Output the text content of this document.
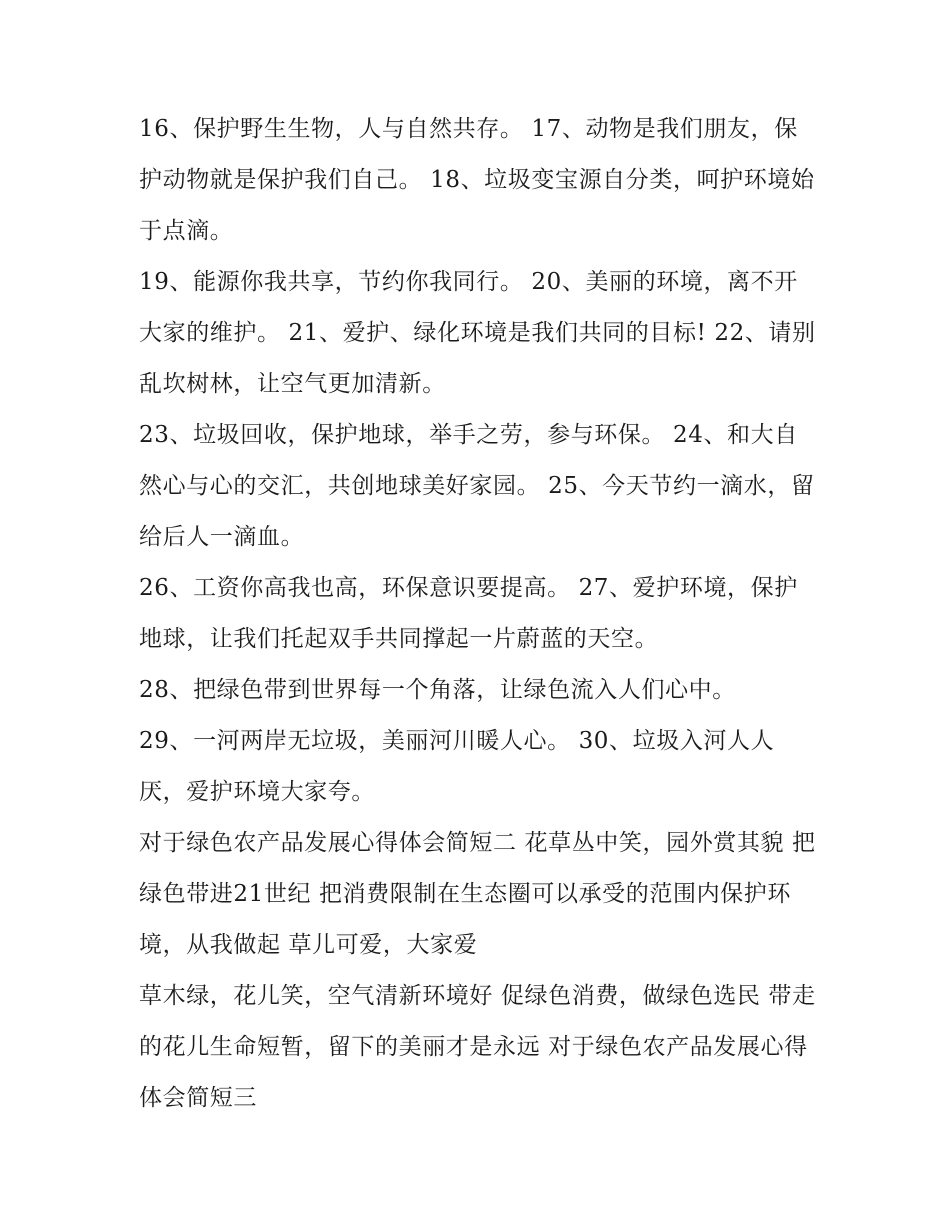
16、保护野生生物，人与自然共存。 17、动物是我们朋友，保护动物就是保护我们自己。 18、垃圾变宝源自分类，呵护环境始于点滴。

19、能源你我共享，节约你我同行。 20、美丽的环境，离不开大家的维护。 21、爱护、绿化环境是我们共同的目标! 22、请别乱坎树林，让空气更加清新。

23、垃圾回收，保护地球，举手之劳，参与环保。 24、和大自然心与心的交汇，共创地球美好家园。 25、今天节约一滴水，留给后人一滴血。

26、工资你高我也高，环保意识要提高。 27、爱护环境，保护地球，让我们托起双手共同撑起一片蔚蓝的天空。

28、把绿色带到世界每一个角落，让绿色流入人们心中。

29、一河两岸无垃圾，美丽河川暖人心。 30、垃圾入河人人厌，爱护环境大家夸。

对于绿色农产品发展心得体会简短二 花草丛中笑，园外赏其貌 把绿色带进21世纪 把消费限制在生态圈可以承受的范围内保护环境，从我做起 草儿可爱，大家爱

草木绿，花儿笑，空气清新环境好 促绿色消费，做绿色选民 带走的花儿生命短暂，留下的美丽才是永远 对于绿色农产品发展心得体会简短三
